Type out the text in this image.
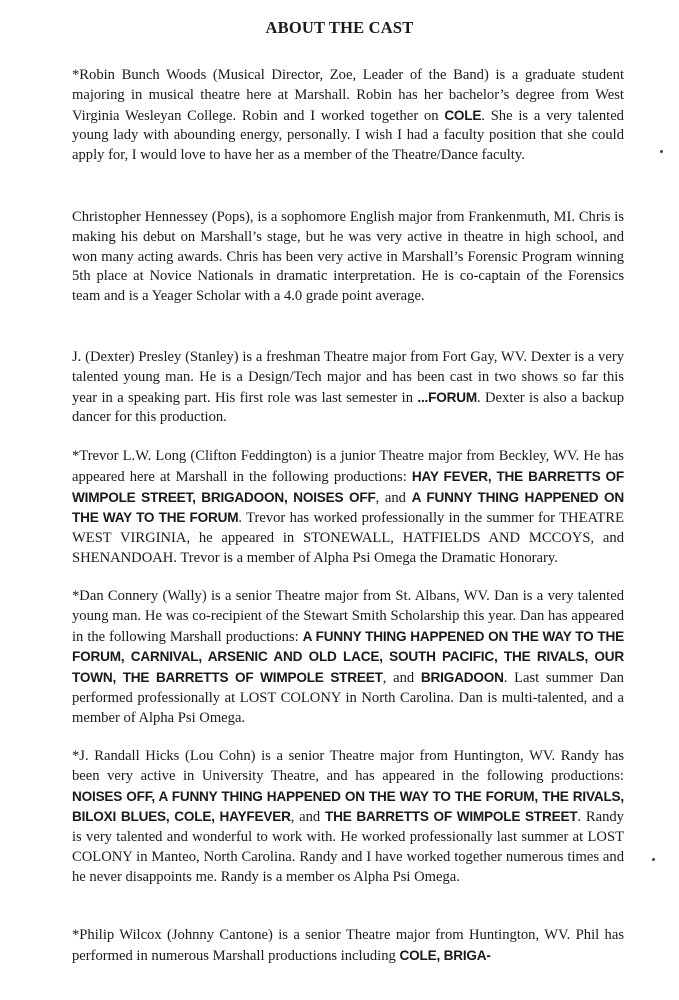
ABOUT THE CAST

*Robin Bunch Woods (Musical Director, Zoe, Leader of the Band) is a graduate student majoring in musical theatre here at Marshall. Robin has her bachelor’s degree from West Virginia Wesleyan College. Robin and I worked together on COLE. She is a very talented young lady with abounding energy, personally. I wish I had a faculty position that she could apply for, I would love to have her as a member of the Theatre/Dance faculty.

Christopher Hennessey (Pops), is a sophomore English major from Frankenmuth, MI. Chris is making his debut on Marshall’s stage, but he was very active in theatre in high school, and won many acting awards. Chris has been very active in Marshall’s Forensic Program winning 5th place at Novice Nationals in dramatic interpretation. He is co-captain of the Forensics team and is a Yeager Scholar with a 4.0 grade point average.

J. (Dexter) Presley (Stanley) is a freshman Theatre major from Fort Gay, WV. Dexter is a very talented young man. He is a Design/Tech major and has been cast in two shows so far this year in a speaking part. His first role was last semester in ...FORUM. Dexter is also a backup dancer for this production.

*Trevor L.W. Long (Clifton Feddington) is a junior Theatre major from Beckley, WV. He has appeared here at Marshall in the following productions: HAY FEVER, THE BARRETTS OF WIMPOLE STREET, BRIGADOON, NOISES OFF, and A FUNNY THING HAPPENED ON THE WAY TO THE FORUM. Trevor has worked professionally in the summer for THEATRE WEST VIRGINIA, he appeared in STONEWALL, HATFIELDS AND MCCOYS, and SHENANDOAH. Trevor is a member of Alpha Psi Omega the Dramatic Honorary.

*Dan Connery (Wally) is a senior Theatre major from St. Albans, WV. Dan is a very talented young man. He was co-recipient of the Stewart Smith Scholarship this year. Dan has appeared in the following Marshall productions: A FUNNY THING HAPPENED ON THE WAY TO THE FORUM, CARNIVAL, ARSENIC AND OLD LACE, SOUTH PACIFIC, THE RIVALS, OUR TOWN, THE BARRETTS OF WIMPOLE STREET, and BRIGADOON. Last summer Dan performed professionally at LOST COLONY in North Carolina. Dan is multi-talented, and a member of Alpha Psi Omega.

*J. Randall Hicks (Lou Cohn) is a senior Theatre major from Huntington, WV. Randy has been very active in University Theatre, and has appeared in the following productions: NOISES OFF, A FUNNY THING HAPPENED ON THE WAY TO THE FORUM, THE RIVALS, BILOXI BLUES, COLE, HAYFEVER, and THE BARRETTS OF WIMPOLE STREET. Randy is very talented and wonderful to work with. He worked professionally last summer at LOST COLONY in Manteo, North Carolina. Randy and I have worked together numerous times and he never disappoints me. Randy is a member os Alpha Psi Omega.

*Philip Wilcox (Johnny Cantone) is a senior Theatre major from Huntington, WV. Phil has performed in numerous Marshall productions including COLE, BRIGA-
